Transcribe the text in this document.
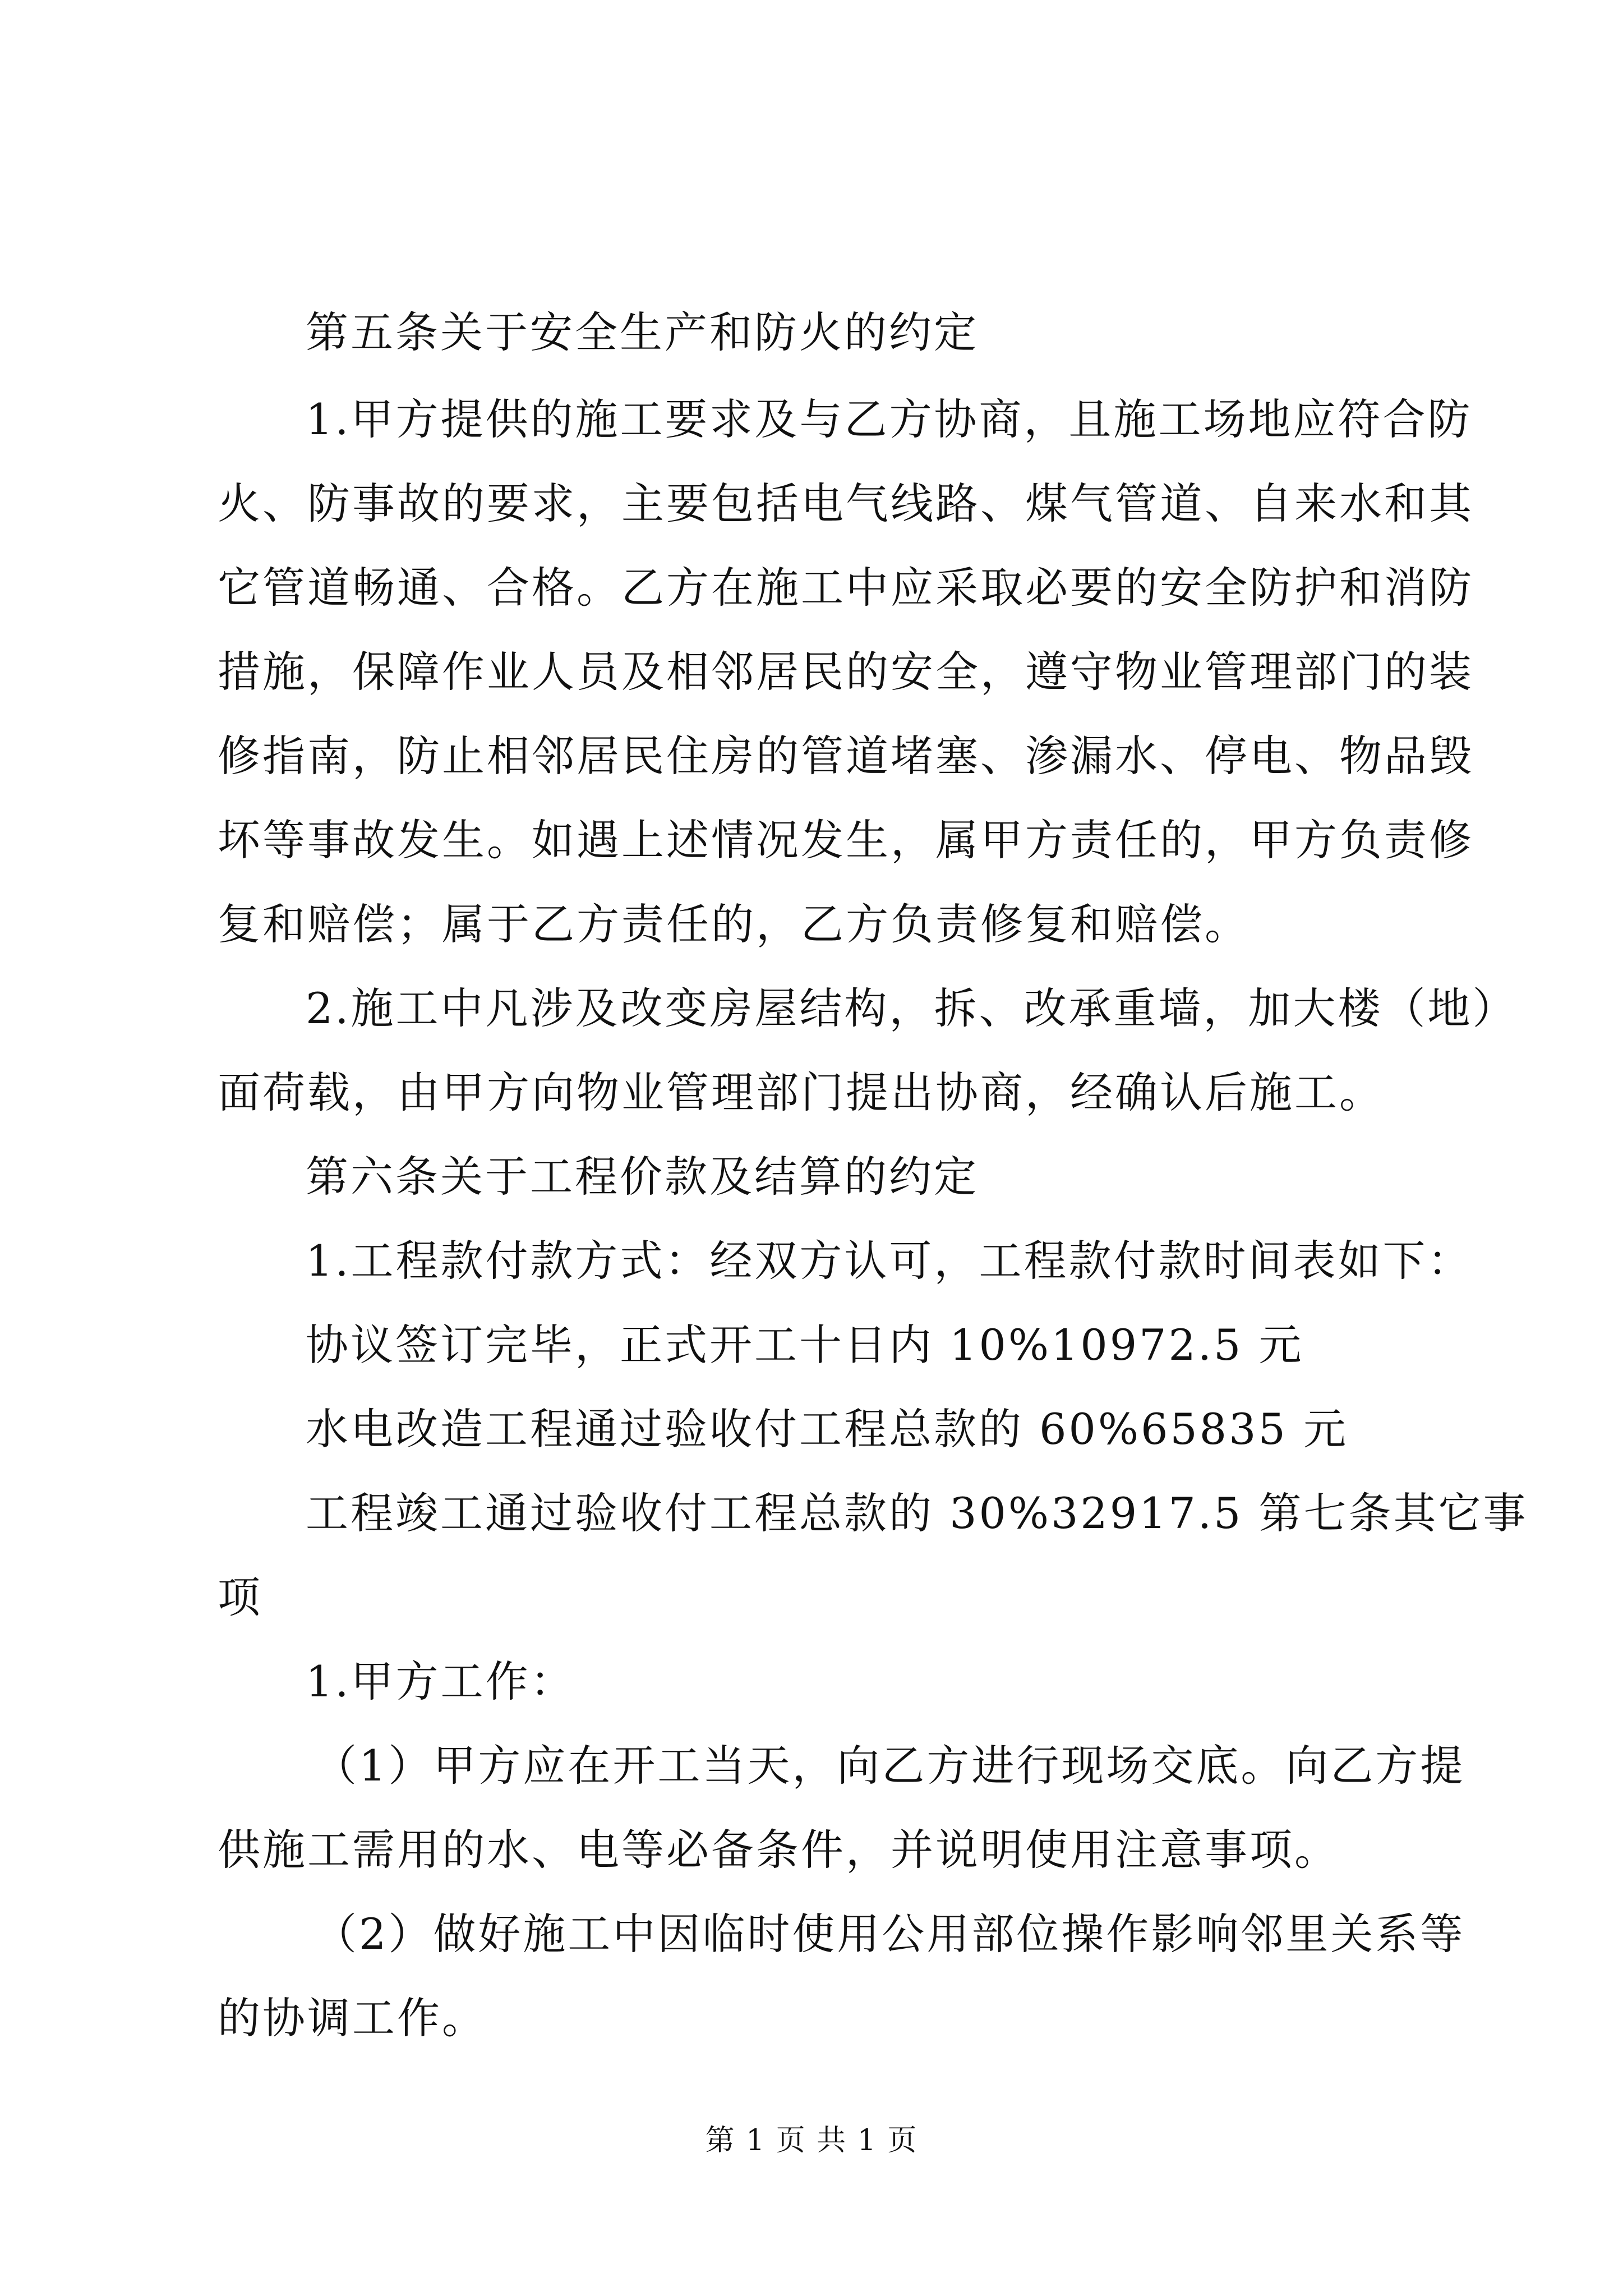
第五条关于安全生产和防火的约定
1.甲方提供的施工要求及与乙方协商，且施工场地应符合防
火、防事故的要求，主要包括电气线路、煤气管道、自来水和其
它管道畅通、合格。乙方在施工中应采取必要的安全防护和消防
措施，保障作业人员及相邻居民的安全，遵守物业管理部门的装
修指南，防止相邻居民住房的管道堵塞、渗漏水、停电、物品毁
坏等事故发生。如遇上述情况发生，属甲方责任的，甲方负责修
复和赔偿；属于乙方责任的，乙方负责修复和赔偿。
2.施工中凡涉及改变房屋结构，拆、改承重墙，加大楼（地）
面荷载，由甲方向物业管理部门提出协商，经确认后施工。
第六条关于工程价款及结算的约定
1.工程款付款方式：经双方认可，工程款付款时间表如下：
协议签订完毕，正式开工十日内 10%10972.5 元
水电改造工程通过验收付工程总款的 60%65835 元
工程竣工通过验收付工程总款的 30%32917.5 第七条其它事
项
1.甲方工作：
（1）甲方应在开工当天，向乙方进行现场交底。向乙方提
供施工需用的水、电等必备条件，并说明使用注意事项。
（2）做好施工中因临时使用公用部位操作影响邻里关系等
的协调工作。
第 1 页 共 1 页
